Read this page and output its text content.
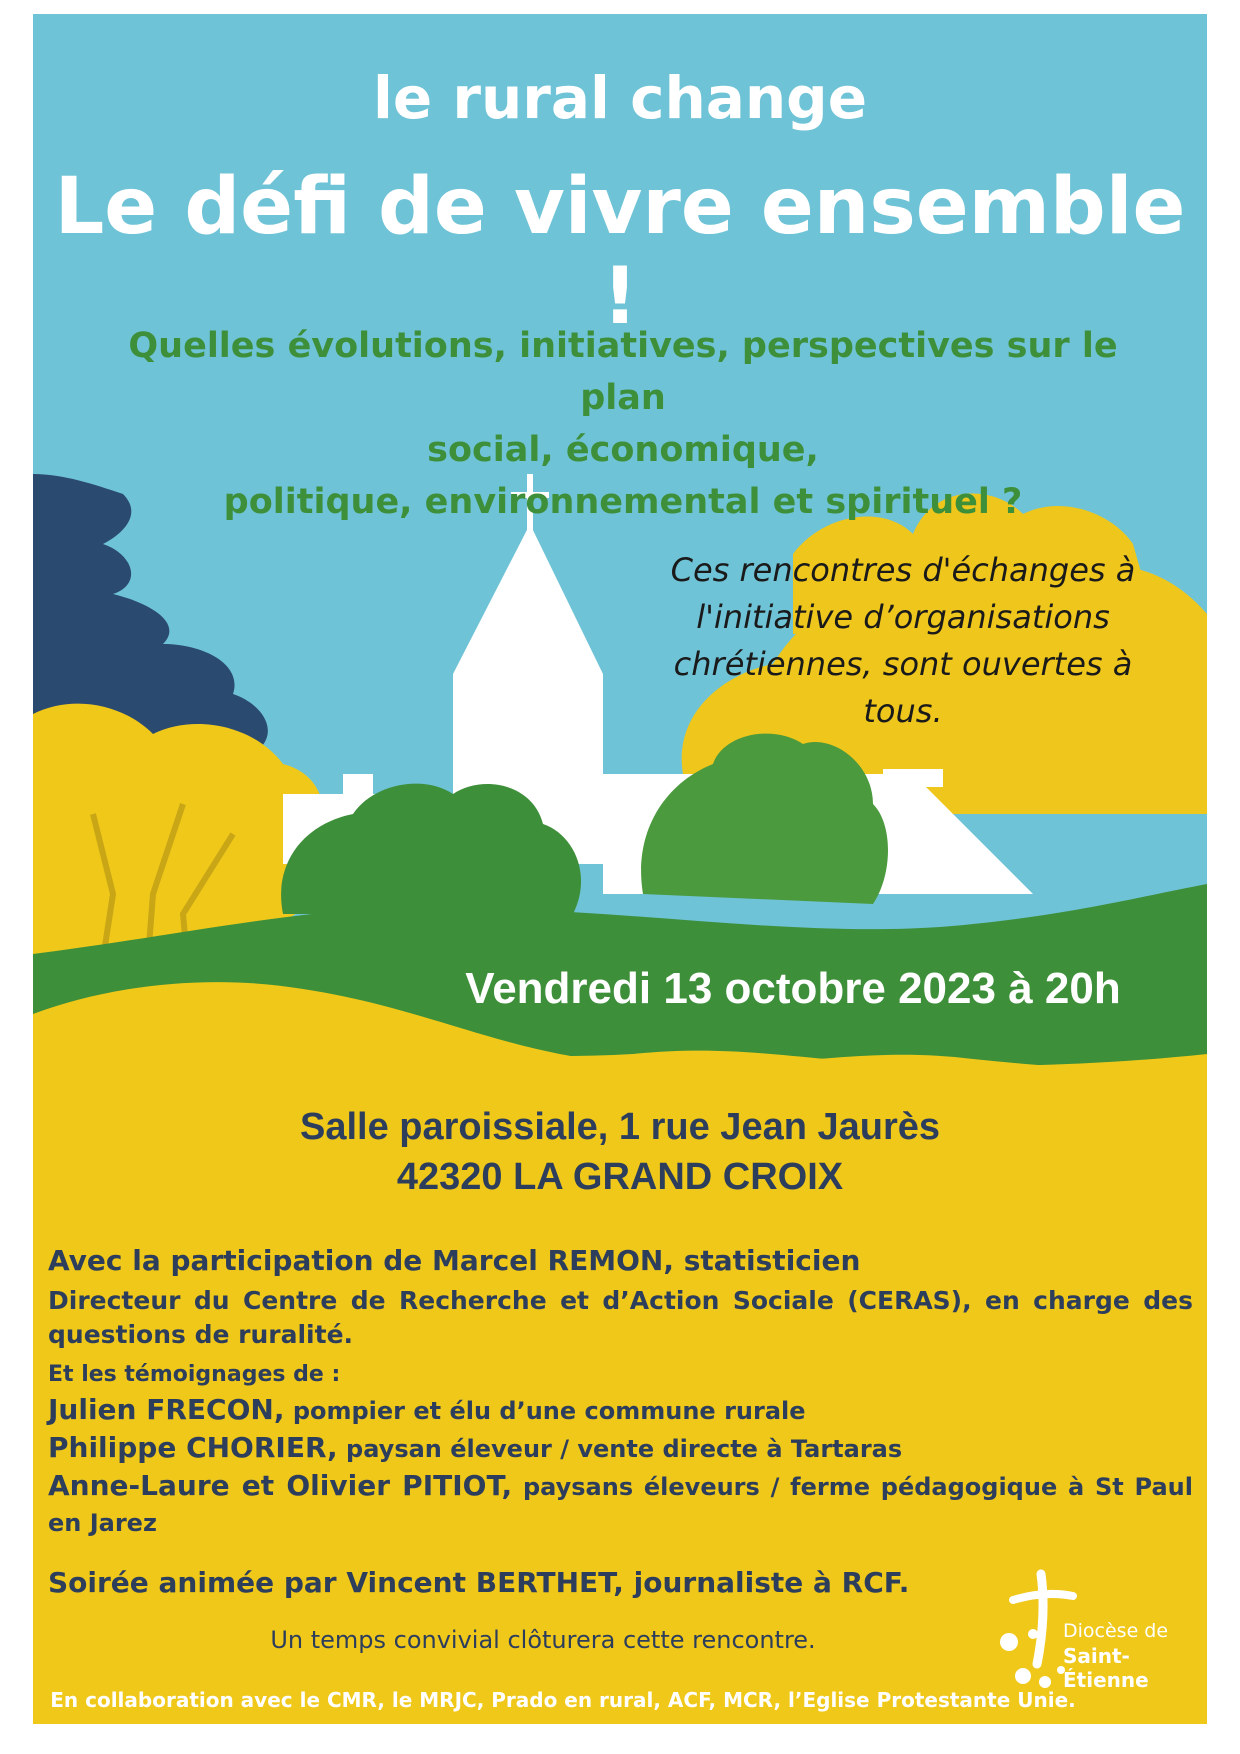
le rural change
Le défi de vivre ensemble !
Quelles évolutions, initiatives, perspectives sur le plan
social, économique,
politique, environnemental et spirituel ?
Ces rencontres d'échanges à
l'initiative d’organisations
chrétiennes, sont ouvertes à
tous.
Vendredi 13 octobre 2023 à 20h
Salle paroissiale, 1 rue Jean Jaurès
42320 LA GRAND CROIX
Avec la participation de Marcel REMON, statisticien
Directeur du Centre de Recherche et d’Action Sociale (CERAS), en charge des questions de ruralité.
Et les témoignages de :
Julien FRECON, pompier et élu d’une commune rurale
Philippe CHORIER, paysan éleveur / vente directe à Tartaras
Anne-Laure et Olivier PITIOT, paysans éleveurs / ferme pédagogique à St Paul en Jarez
Soirée animée par Vincent BERTHET, journaliste à RCF.
Un temps convivial clôturera cette rencontre.
En collaboration avec le CMR, le MRJC, Prado en rural, ACF, MCR, l’Eglise Protestante Unie.
Diocèse de
Saint-Étienne
